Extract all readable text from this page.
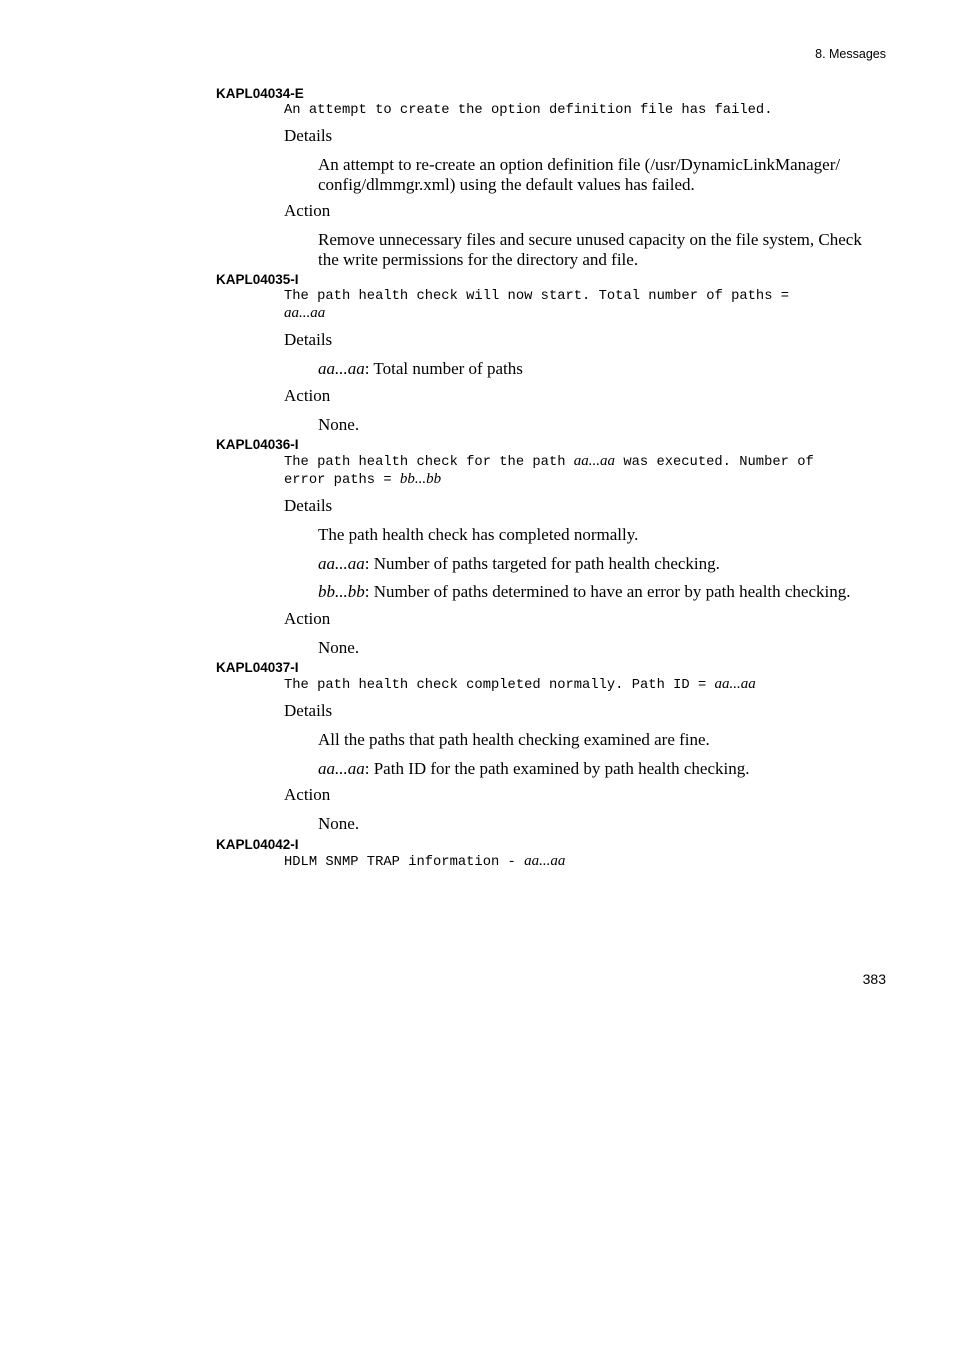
8. Messages
KAPL04034-E
An attempt to create the option definition file has failed.
Details
An attempt to re-create an option definition file (/usr/DynamicLinkManager/
config/dlmmgr.xml) using the default values has failed.
Action
Remove unnecessary files and secure unused capacity on the file system, Check
the write permissions for the directory and file.
KAPL04035-I
The path health check will now start. Total number of paths =
aa...aa
Details
aa...aa: Total number of paths
Action
None.
KAPL04036-I
The path health check for the path aa...aa was executed. Number of
error paths = bb...bb
Details
The path health check has completed normally.
aa...aa: Number of paths targeted for path health checking.
bb...bb: Number of paths determined to have an error by path health checking.
Action
None.
KAPL04037-I
The path health check completed normally. Path ID = aa...aa
Details
All the paths that path health checking examined are fine.
aa...aa: Path ID for the path examined by path health checking.
Action
None.
KAPL04042-I
HDLM SNMP TRAP information - aa...aa
383
